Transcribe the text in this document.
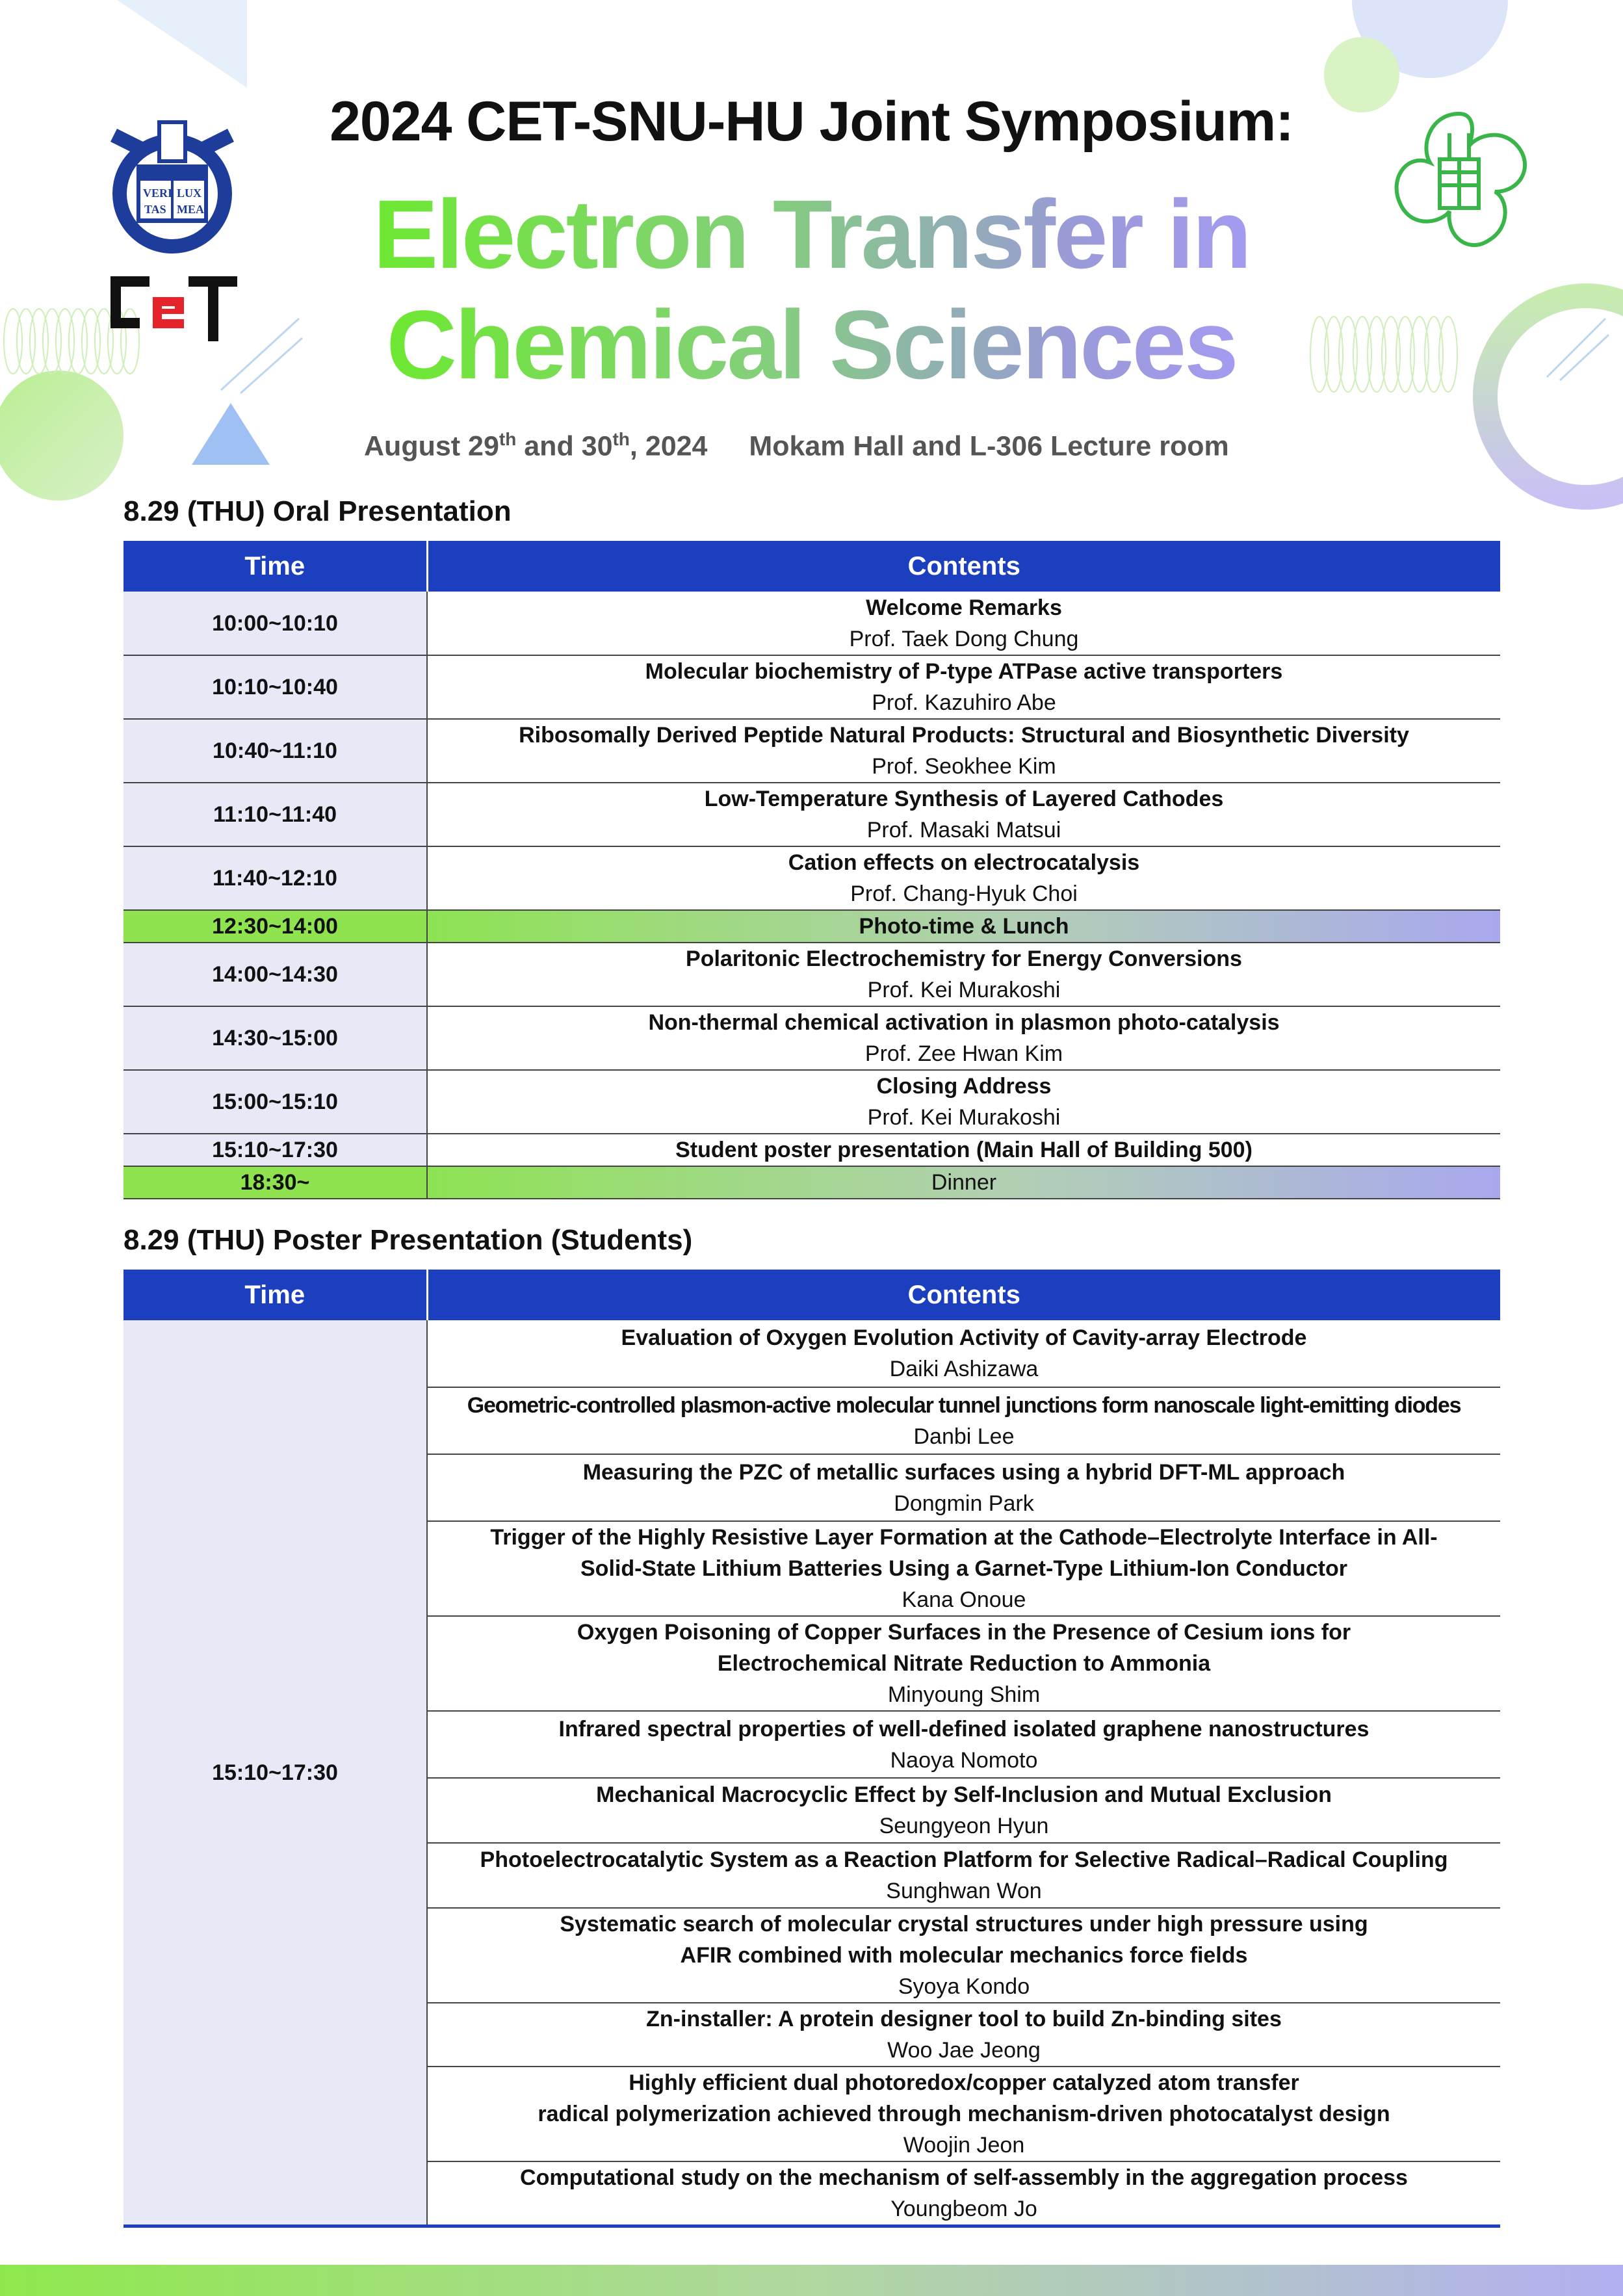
VERI LUX
TAS MEA
2024 CET-SNU-HU Joint Symposium:
Electron Transfer in
Chemical Sciences
August 29th and 30th, 2024 Mokam Hall and L-306 Lecture room
8.29 (THU) Oral Presentation
Time	Contents
10:00~10:10	Welcome Remarks
Prof. Taek Dong Chung

10:10~10:40	Molecular biochemistry of P-type ATPase active transporters
Prof. Kazuhiro Abe

10:40~11:10	Ribosomally Derived Peptide Natural Products: Structural and Biosynthetic Diversity
Prof. Seokhee Kim

11:10~11:40	Low-Temperature Synthesis of Layered Cathodes
Prof. Masaki Matsui

11:40~12:10	Cation effects on electrocatalysis
Prof. Chang-Hyuk Choi

12:30~14:00	Photo-time & Lunch

14:00~14:30	Polaritonic Electrochemistry for Energy Conversions
Prof. Kei Murakoshi

14:30~15:00	Non-thermal chemical activation in plasmon photo-catalysis
Prof. Zee Hwan Kim

15:00~15:10	Closing Address
Prof. Kei Murakoshi

15:10~17:30	Student poster presentation (Main Hall of Building 500)

18:30~	Dinner
8.29 (THU) Poster Presentation (Students)
Time	Contents
15:10~17:30	Evaluation of Oxygen Evolution Activity of Cavity-array Electrode
Daiki Ashizawa

	Geometric-controlled plasmon-active molecular tunnel junctions form nanoscale light-emitting diodes
Danbi Lee

	Measuring the PZC of metallic surfaces using a hybrid DFT-ML approach
Dongmin Park

	Trigger of the Highly Resistive Layer Formation at the Cathode–Electrolyte Interface in All-
Solid-State Lithium Batteries Using a Garnet-Type Lithium-Ion Conductor
Kana Onoue

	Oxygen Poisoning of Copper Surfaces in the Presence of Cesium ions for
Electrochemical Nitrate Reduction to Ammonia
Minyoung Shim

	Infrared spectral properties of well-defined isolated graphene nanostructures
Naoya Nomoto

	Mechanical Macrocyclic Effect by Self-Inclusion and Mutual Exclusion
Seungyeon Hyun

	Photoelectrocatalytic System as a Reaction Platform for Selective Radical–Radical Coupling
Sunghwan Won

	Systematic search of molecular crystal structures under high pressure using
AFIR combined with molecular mechanics force fields
Syoya Kondo

	Zn-installer: A protein designer tool to build Zn-binding sites
Woo Jae Jeong

	Highly efficient dual photoredox/copper catalyzed atom transfer
radical polymerization achieved through mechanism-driven photocatalyst design
Woojin Jeon

	Computational study on the mechanism of self-assembly in the aggregation process
Youngbeom Jo
